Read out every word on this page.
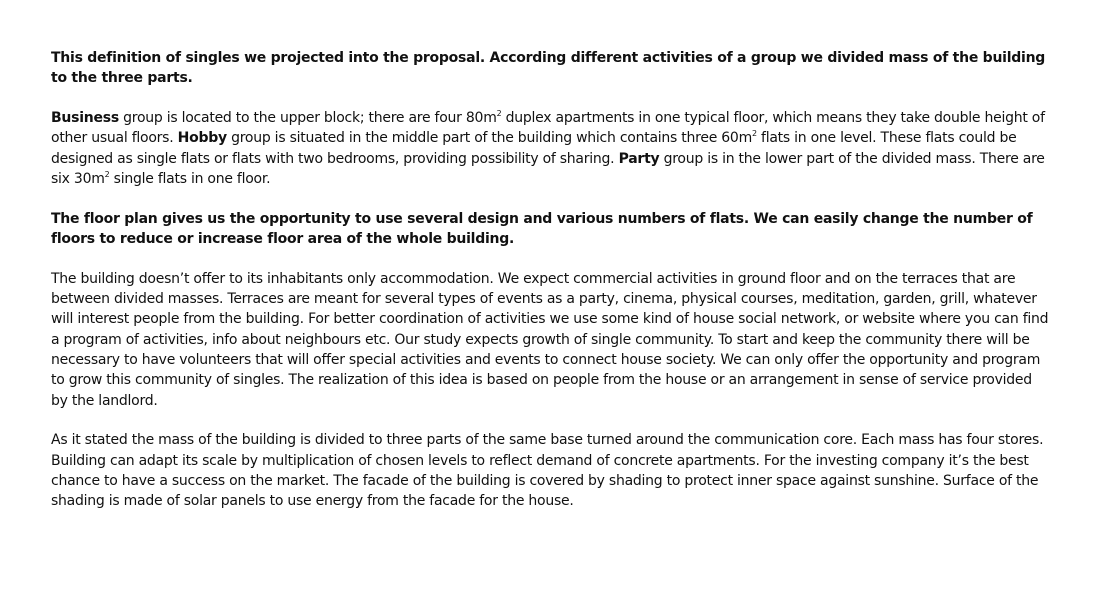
This definition of singles we projected into the proposal. According different activities of a group we divided mass of the building to the three parts.

Business group is located to the upper block; there are four $80m^2$ duplex apartments in one typical floor, which means they take double height of other usual floors. Hobby group is situated in the middle part of the building which contains three $60m^2$ flats in one level. These flats could be designed as single flats or flats with two bedrooms, providing possibility of sharing. Party group is in the lower part of the divided mass. There are six $30m^2$ single flats in one floor.

The floor plan gives us the opportunity to use several design and various numbers of flats. We can easily change the number of floors to reduce or increase floor area of the whole building.

The building doesn’t offer to its inhabitants only accommodation. We expect commercial activities in ground floor and on the terraces that are between divided masses. Terraces are meant for several types of events as a party, cinema, physical courses, meditation, garden, grill, whatever will interest people from the building. For better coordination of activities we use some kind of house social network, or website where you can find a program of activities, info about neighbours etc. Our study expects growth of single community. To start and keep the community there will be necessary to have volunteers that will offer special activities and events to connect house society. We can only offer the opportunity and program to grow this community of singles. The realization of this idea is based on people from the house or an arrangement in sense of service provided by the landlord.

As it stated the mass of the building is divided to three parts of the same base turned around the communication core. Each mass has four stores. Building can adapt its scale by multiplication of chosen levels to reflect demand of concrete apartments. For the investing company it’s the best chance to have a success on the market. The facade of the building is covered by shading to protect inner space against sunshine. Surface of the shading is made of solar panels to use energy from the facade for the house.
